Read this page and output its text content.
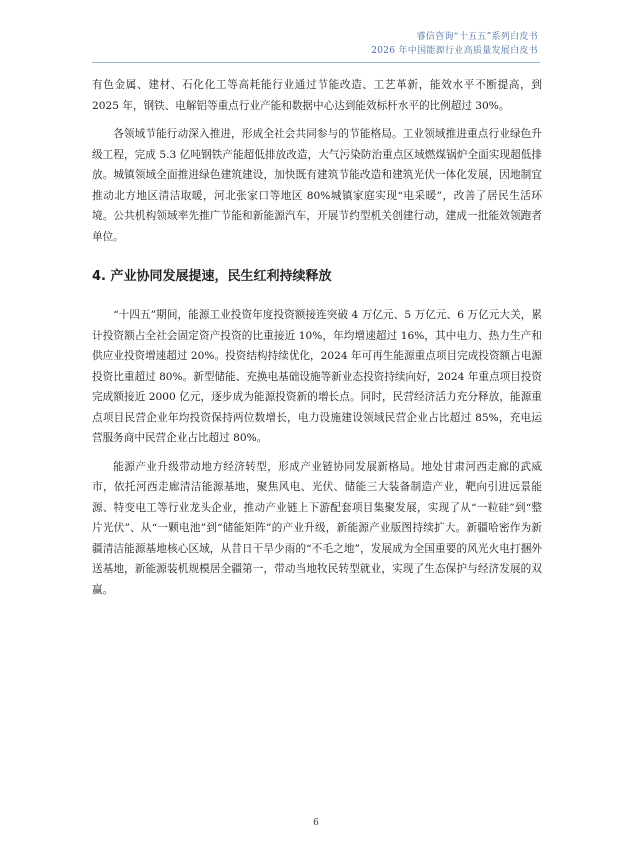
睿信咨询“十五五”系列白皮书
2026 年中国能源行业高质量发展白皮书

有色金属、建材、石化化工等高耗能行业通过节能改造、工艺革新，能效水平不断提高，到 2025 年，钢铁、电解铝等重点行业产能和数据中心达到能效标杆水平的比例超过 30%。

各领域节能行动深入推进，形成全社会共同参与的节能格局。工业领域推进重点行业绿色升级工程，完成 5.3 亿吨钢铁产能超低排放改造，大气污染防治重点区域燃煤锅炉全面实现超低排放。城镇领域全面推进绿色建筑建设，加快既有建筑节能改造和建筑光伏一体化发展，因地制宜推动北方地区清洁取暖，河北张家口等地区 80%城镇家庭实现“电采暖”，改善了居民生活环境。公共机构领域率先推广节能和新能源汽车，开展节约型机关创建行动，建成一批能效领跑者单位。

4. 产业协同发展提速，民生红利持续释放

“十四五”期间，能源工业投资年度投资额接连突破 4 万亿元、5 万亿元、6 万亿元大关，累计投资额占全社会固定资产投资的比重接近 10%，年均增速超过 16%，其中电力、热力生产和供应业投资增速超过 20%。投资结构持续优化，2024 年可再生能源重点项目完成投资额占电源投资比重超过 80%。新型储能、充换电基础设施等新业态投资持续向好，2024 年重点项目投资完成额接近 2000 亿元，逐步成为能源投资新的增长点。同时，民营经济活力充分释放，能源重点项目民营企业年均投资保持两位数增长，电力设施建设领域民营企业占比超过 85%，充电运营服务商中民营企业占比超过 80%。

能源产业升级带动地方经济转型，形成产业链协同发展新格局。地处甘肃河西走廊的武威市，依托河西走廊清洁能源基地，聚焦风电、光伏、储能三大装备制造产业，靶向引进远景能源、特变电工等行业龙头企业，推动产业链上下游配套项目集聚发展，实现了从“一粒硅”到“整片光伏”、从“一颗电池”到“储能矩阵”的产业升级，新能源产业版图持续扩大。新疆哈密作为新疆清洁能源基地核心区域，从昔日干旱少雨的“不毛之地”，发展成为全国重要的风光火电打捆外送基地，新能源装机规模居全疆第一，带动当地牧民转型就业，实现了生态保护与经济发展的双赢。

6
